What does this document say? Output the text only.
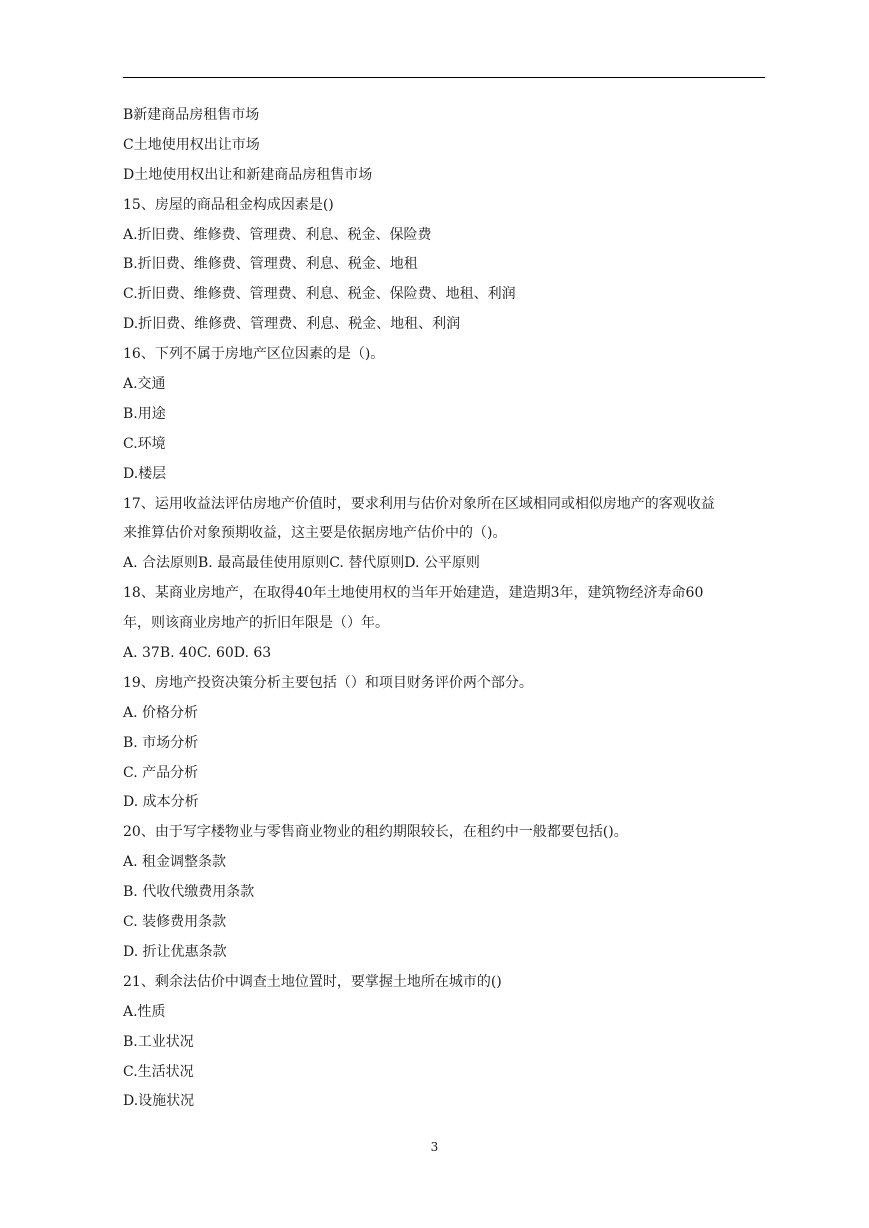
B新建商品房租售市场
C土地使用权出让市场
D土地使用权出让和新建商品房租售市场
15、房屋的商品租金构成因素是()
A.折旧费、维修费、管理费、利息、税金、保险费
B.折旧费、维修费、管理费、利息、税金、地租
C.折旧费、维修费、管理费、利息、税金、保险费、地租、利润
D.折旧费、维修费、管理费、利息、税金、地租、利润
16、下列不属于房地产区位因素的是（)。
A.交通
B.用途
C.环境
D.楼层
17、运用收益法评估房地产价值时，要求利用与估价对象所在区域相同或相似房地产的客观收益
来推算估价对象预期收益，这主要是依据房地产估价中的（)。
A. 合法原则B. 最高最佳使用原则C. 替代原则D. 公平原则
18、某商业房地产，在取得40年土地使用权的当年开始建造，建造期3年，建筑物经济寿命60
年，则该商业房地产的折旧年限是（）年。
A. 37B. 40C. 60D. 63
19、房地产投资决策分析主要包括（）和项目财务评价两个部分。
A. 价格分析
B. 市场分析
C. 产品分析
D. 成本分析
20、由于写字楼物业与零售商业物业的租约期限较长，在租约中一般都要包括()。
A. 租金调整条款
B. 代收代缴费用条款
C. 装修费用条款
D. 折让优惠条款
21、剩余法估价中调查土地位置时，要掌握土地所在城市的()
A.性质
B.工业状况
C.生活状况
D.设施状况
3
